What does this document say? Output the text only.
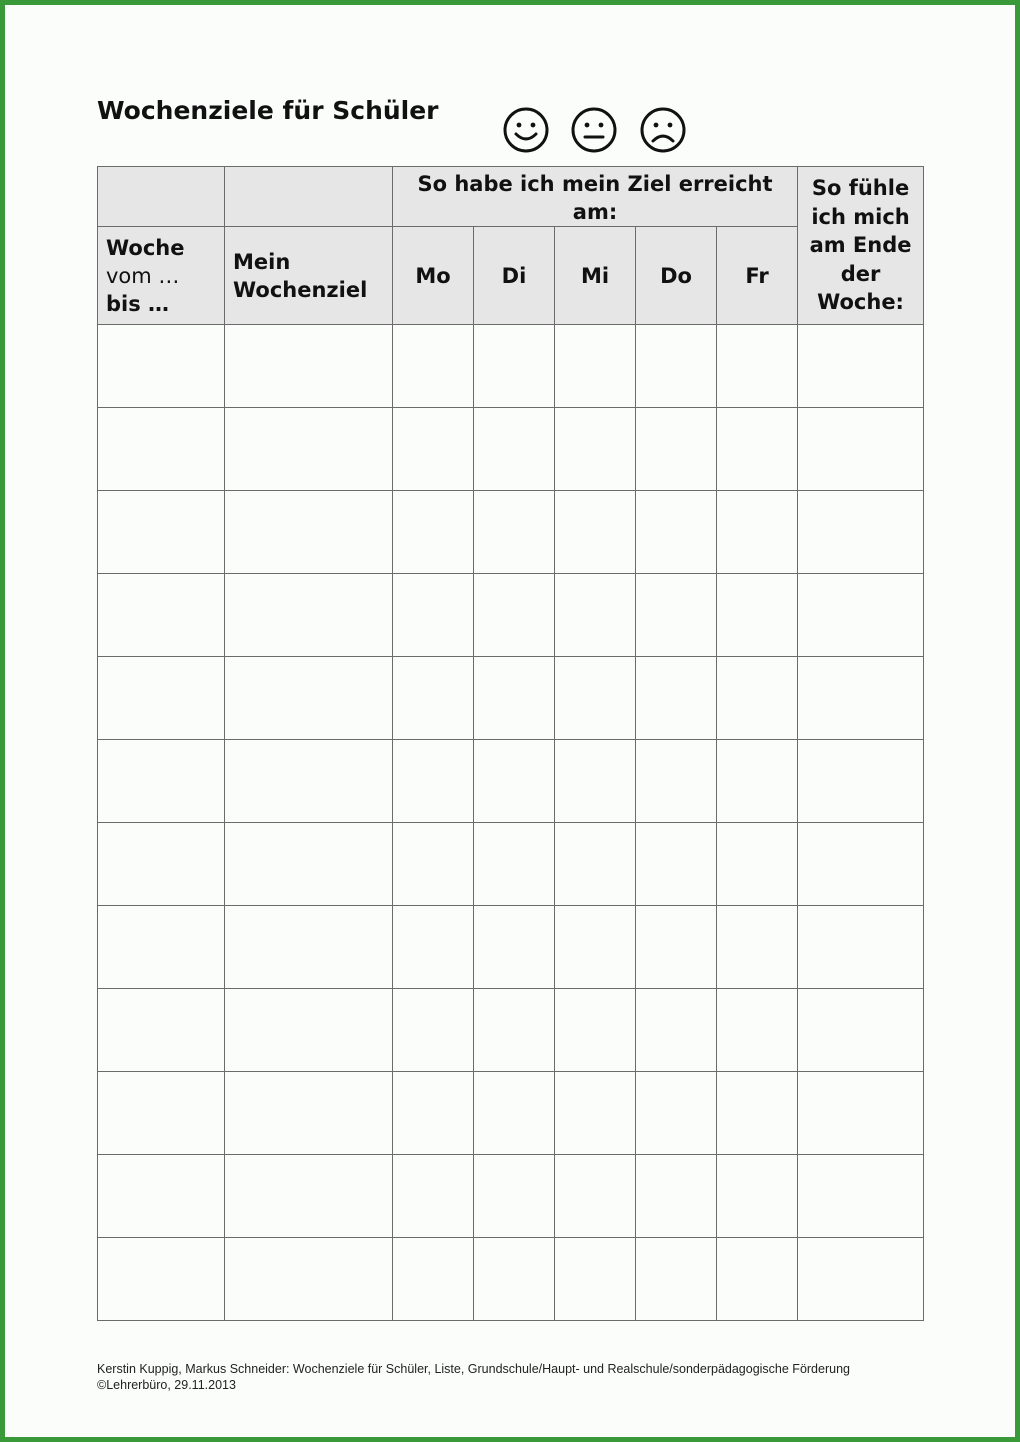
Wochenziele für Schüler
		So habe ich mein Ziel erreicht am:					So fühle ich mich am Ende der Woche:
Woche
vom …
bis …	Mein Wochenziel	Mo	Di	Mi	Do	Fr	

Kerstin Kuppig, Markus Schneider: Wochenziele für Schüler, Liste, Grundschule/Haupt- und Realschule/sonderpädagogische Förderung
©Lehrerbüro, 29.11.2013
